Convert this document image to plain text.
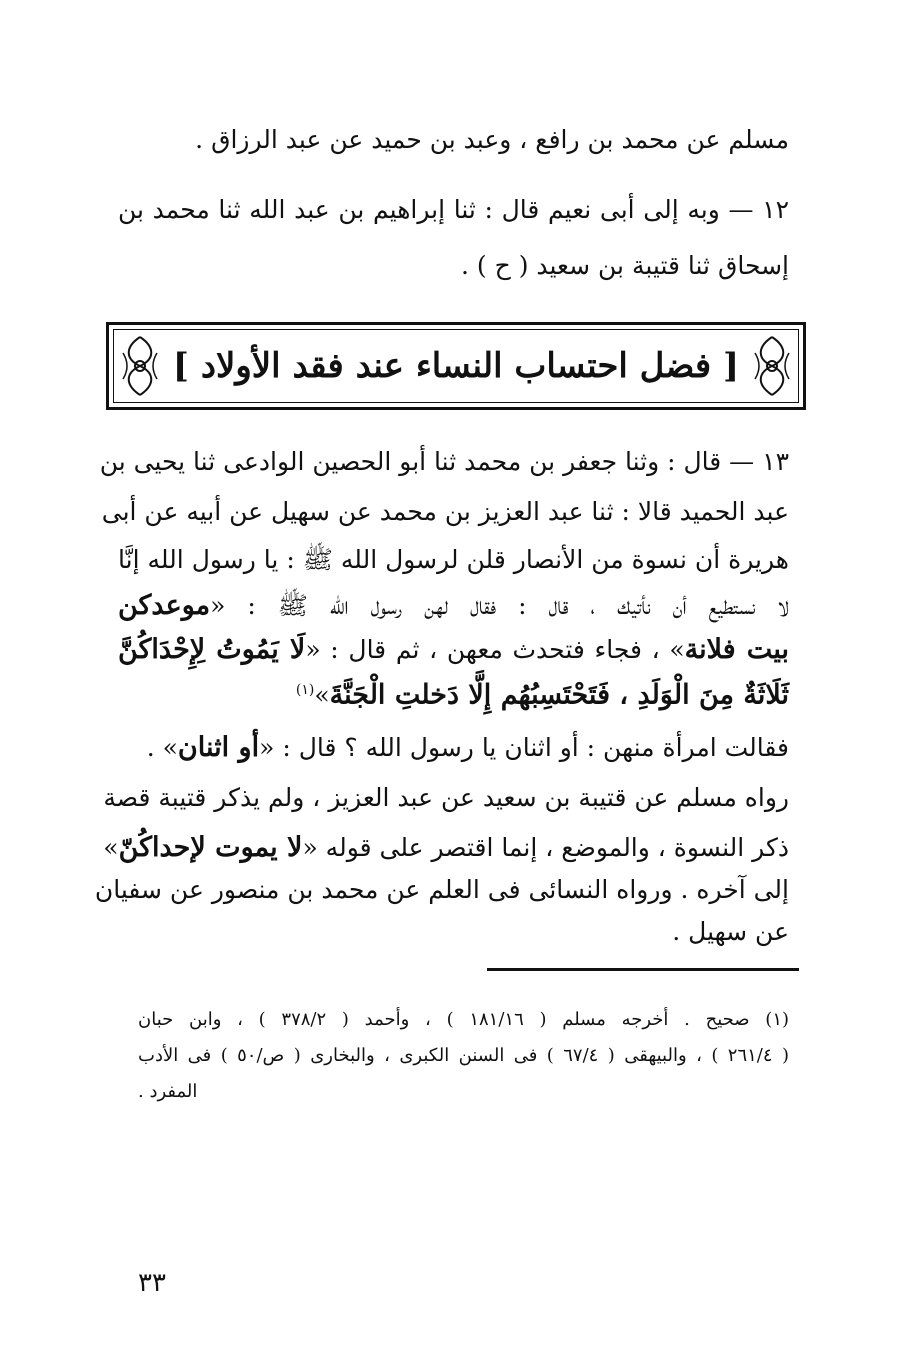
مسلم عن محمد بن رافع ، وعبد بن حميد عن عبد الرزاق .
١٢ — وبه إلى أبى نعيم قال : ثنا إبراهيم بن عبد الله ثنا محمد بن
إسحاق ثنا قتيبة بن سعيد ( ح ) .
[ فضل احتساب النساء عند فقد الأولاد ]
١٣ — قال : وثنا جعفر بن محمد ثنا أبو الحصين الوادعى ثنا يحيى بن
عبد الحميد قالا : ثنا عبد العزيز بن محمد عن سهيل عن أبيه عن أبى
هريرة أن نسوة من الأنصار قلن لرسول الله ﷺ : يا رسول الله إنَّا
لا نستطيع أن نأتيك ، قال : فقال لهن رسول الله ﷺ : «موعدكن
بيت فلانة» ، فجاء فتحدث معهن ، ثم قال : «لَا يَمُوتُ لِإِحْدَاكُنَّ
ثَلَاثَةٌ مِنَ الْوَلَدِ ، فَتَحْتَسِبُهُم إِلَّا دَخلتِ الْجَنَّةَ»$^{(١)}$
فقالت امرأة منهن : أو اثنان يا رسول الله ؟ قال : «أو اثنان» .
رواه مسلم عن قتيبة بن سعيد عن عبد العزيز ، ولم يذكر قتيبة قصة
ذكر النسوة ، والموضع ، إنما اقتصر على قوله «لا يموت لإحداكُنّ»
إلى آخره . ورواه النسائى فى العلم عن محمد بن منصور عن سفيان
عن سهيل .
(١) صحيح . أخرجه مسلم ( ١٨١/١٦ ) ، وأحمد ( ٣٧٨/٢ ) ، وابن حبان
( ٢٦١/٤ ) ، والبيهقى ( ٦٧/٤ ) فى السنن الكبرى ، والبخارى ( ص/٥٠ ) فى الأدب
المفرد .
٣٣
